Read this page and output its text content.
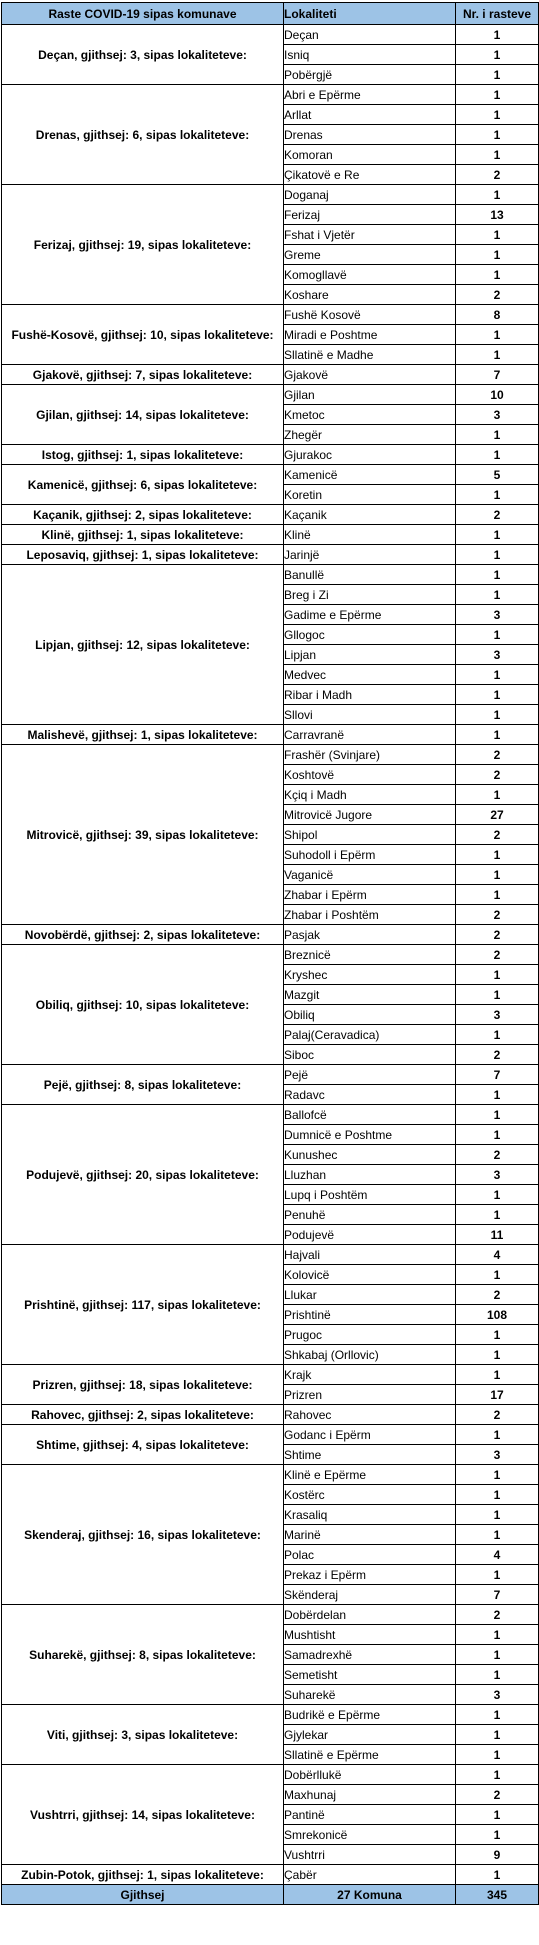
Raste COVID-19 sipas komunave	Lokaliteti	Nr. i rasteve
Deçan, gjithsej: 3, sipas lokaliteteve:	Deçan	1
	Isniq	1
	Pobërgjë	1
Drenas, gjithsej: 6, sipas lokaliteteve:	Abri e Epërme	1
	Arllat	1
	Drenas	1
	Komoran	1
	Çikatovë e Re	2
Ferizaj, gjithsej: 19, sipas lokaliteteve:	Doganaj	1
	Ferizaj	13
	Fshat i Vjetër	1
	Greme	1
	Komogllavë	1
	Koshare	2
Fushë-Kosovë, gjithsej: 10, sipas lokaliteteve:	Fushë Kosovë	8
	Miradi e Poshtme	1
	Sllatinë e Madhe	1
Gjakovë, gjithsej: 7, sipas lokaliteteve:	Gjakovë	7
Gjilan, gjithsej: 14, sipas lokaliteteve:	Gjilan	10
	Kmetoc	3
	Zhegër	1
Istog, gjithsej: 1, sipas lokaliteteve:	Gjurakoc	1
Kamenicë, gjithsej: 6, sipas lokaliteteve:	Kamenicë	5
	Koretin	1
Kaçanik, gjithsej: 2, sipas lokaliteteve:	Kaçanik	2
Klinë, gjithsej: 1, sipas lokaliteteve:	Klinë	1
Leposaviq, gjithsej: 1, sipas lokaliteteve:	Jarinjë	1
Lipjan, gjithsej: 12, sipas lokaliteteve:	Banullë	1
	Breg i Zi	1
	Gadime e Epërme	3
	Gllogoc	1
	Lipjan	3
	Medvec	1
	Ribar i Madh	1
	Sllovi	1
Malishevë, gjithsej: 1, sipas lokaliteteve:	Carravranë	1
Mitrovicë, gjithsej: 39, sipas lokaliteteve:	Frashër (Svinjare)	2
	Koshtovë	2
	Kçiq i Madh	1
	Mitrovicë Jugore	27
	Shipol	2
	Suhodoll i Epërm	1
	Vaganicë	1
	Zhabar i Epërm	1
	Zhabar i Poshtëm	2
Novobërdë, gjithsej: 2, sipas lokaliteteve:	Pasjak	2
Obiliq, gjithsej: 10, sipas lokaliteteve:	Breznicë	2
	Kryshec	1
	Mazgit	1
	Obiliq	3
	Palaj(Ceravadica)	1
	Siboc	2
Pejë, gjithsej: 8, sipas lokaliteteve:	Pejë	7
	Radavc	1
Podujevë, gjithsej: 20, sipas lokaliteteve:	Ballofcë	1
	Dumnicë e Poshtme	1
	Kunushec	2
	Lluzhan	3
	Lupq i Poshtëm	1
	Penuhë	1
	Podujevë	11
Prishtinë, gjithsej: 117, sipas lokaliteteve:	Hajvali	4
	Kolovicë	1
	Llukar	2
	Prishtinë	108
	Prugoc	1
	Shkabaj (Orllovic)	1
Prizren, gjithsej: 18, sipas lokaliteteve:	Krajk	1
	Prizren	17
Rahovec, gjithsej: 2, sipas lokaliteteve:	Rahovec	2
Shtime, gjithsej: 4, sipas lokaliteteve:	Godanc i Epërm	1
	Shtime	3
Skenderaj, gjithsej: 16, sipas lokaliteteve:	Klinë e Epërme	1
	Kostërc	1
	Krasaliq	1
	Marinë	1
	Polac	4
	Prekaz i Epërm	1
	Skënderaj	7
Suharekë, gjithsej: 8, sipas lokaliteteve:	Dobërdelan	2
	Mushtisht	1
	Samadrexhë	1
	Semetisht	1
	Suharekë	3
Viti, gjithsej: 3, sipas lokaliteteve:	Budrikë e Epërme	1
	Gjylekar	1
	Sllatinë e Epërme	1
Vushtrri, gjithsej: 14, sipas lokaliteteve:	Dobërllukë	1
	Maxhunaj	2
	Pantinë	1
	Smrekonicë	1
	Vushtrri	9
Zubin-Potok, gjithsej: 1, sipas lokaliteteve:	Çabër	1
Gjithsej	27 Komuna	345
